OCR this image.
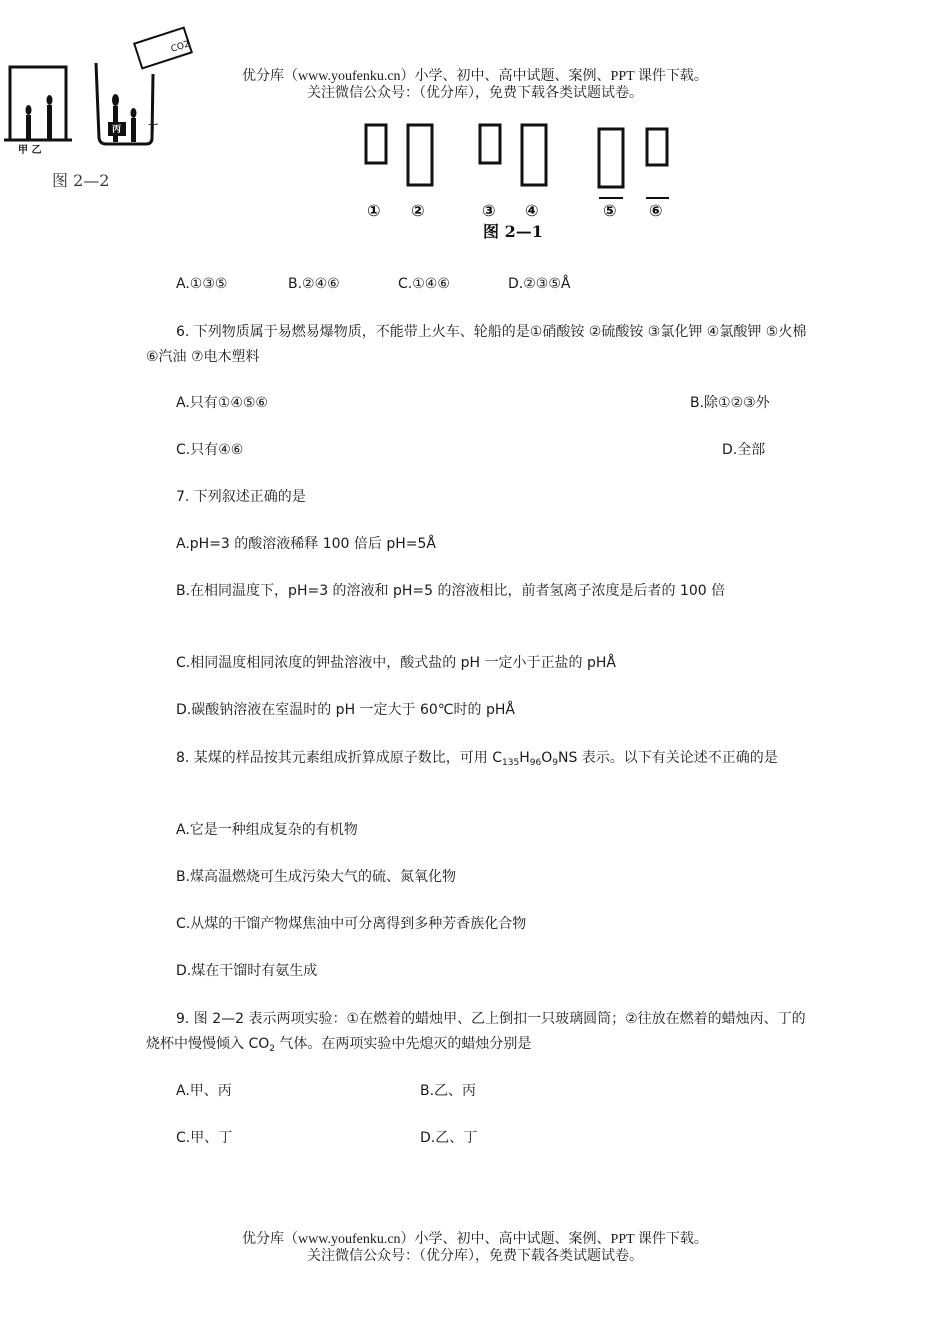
优分库（www.youfenku.cn）小学、初中、高中试题、案例、PPT 课件下载。
关注微信公众号：（优分库），免费下载各类试题试卷。
CO2
丁
丙
甲 乙
图 2—2
① ②	③ ④	⑤ ⑥
图 2—1
A.①③⑤	B.②④⑥	C.①④⑥	D.②③⑤Å
6. 下列物质属于易燃易爆物质，不能带上火车、轮船的是①硝酸铵 ②硫酸铵 ③氯化钾 ④氯酸钾 ⑤火棉 ⑥汽油 ⑦电木塑料
A.只有①④⑤⑥	B.除①②③外
C.只有④⑥	D.全部
7. 下列叙述正确的是
A.pH=3 的酸溶液稀释 100 倍后 pH=5Å
B.在相同温度下，pH=3 的溶液和 pH=5 的溶液相比，前者氢离子浓度是后者的 100 倍
C.相同温度相同浓度的钾盐溶液中，酸式盐的 pH 一定小于正盐的 pHÅ
D.碳酸钠溶液在室温时的 pH 一定大于 60℃时的 pHÅ
8. 某煤的样品按其元素组成折算成原子数比，可用 $C_{135}H_{96}O_9NS$ 表示。以下有关论述不正确的是
A.它是一种组成复杂的有机物
B.煤高温燃烧可生成污染大气的硫、氮氧化物
C.从煤的干馏产物煤焦油中可分离得到多种芳香族化合物
D.煤在干馏时有氨生成
9. 图 2—2 表示两项实验：①在燃着的蜡烛甲、乙上倒扣一只玻璃圆筒；②往放在燃着的蜡烛丙、丁的烧杯中慢慢倾入 $CO_2$ 气体。在两项实验中先熄灭的蜡烛分别是
A.甲、丙	B.乙、丙
C.甲、丁	D.乙、丁
优分库（www.youfenku.cn）小学、初中、高中试题、案例、PPT 课件下载。
关注微信公众号：（优分库），免费下载各类试题试卷。
